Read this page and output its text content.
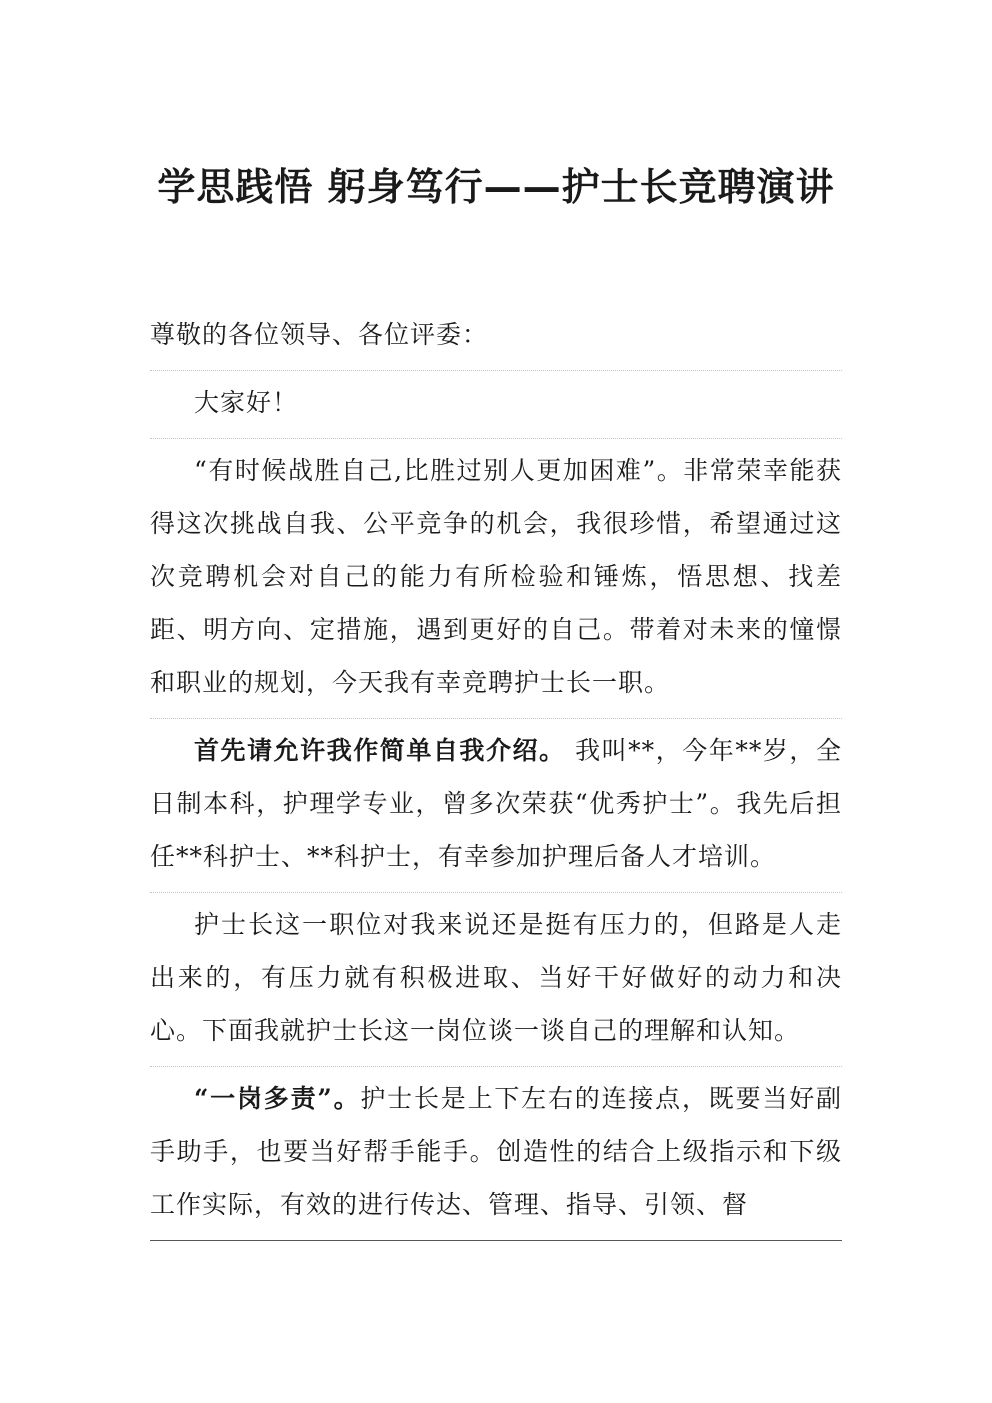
学思践悟 躬身笃行——护士长竞聘演讲

尊敬的各位领导、各位评委：

大家好！

“有时候战胜自己,比胜过别人更加困难”。非常荣幸能获得这次挑战自我、公平竞争的机会，我很珍惜，希望通过这次竞聘机会对自己的能力有所检验和锤炼，悟思想、找差距、明方向、定措施，遇到更好的自己。带着对未来的憧憬和职业的规划，今天我有幸竞聘护士长一职。

首先请允许我作简单自我介绍。 我叫**，今年**岁，全日制本科，护理学专业，曾多次荣获“优秀护士”。我先后担任**科护士、**科护士，有幸参加护理后备人才培训。

护士长这一职位对我来说还是挺有压力的，但路是人走出来的，有压力就有积极进取、当好干好做好的动力和决心。下面我就护士长这一岗位谈一谈自己的理解和认知。

“一岗多责”。护士长是上下左右的连接点，既要当好副手助手，也要当好帮手能手。创造性的结合上级指示和下级工作实际，有效的进行传达、管理、指导、引领、督
